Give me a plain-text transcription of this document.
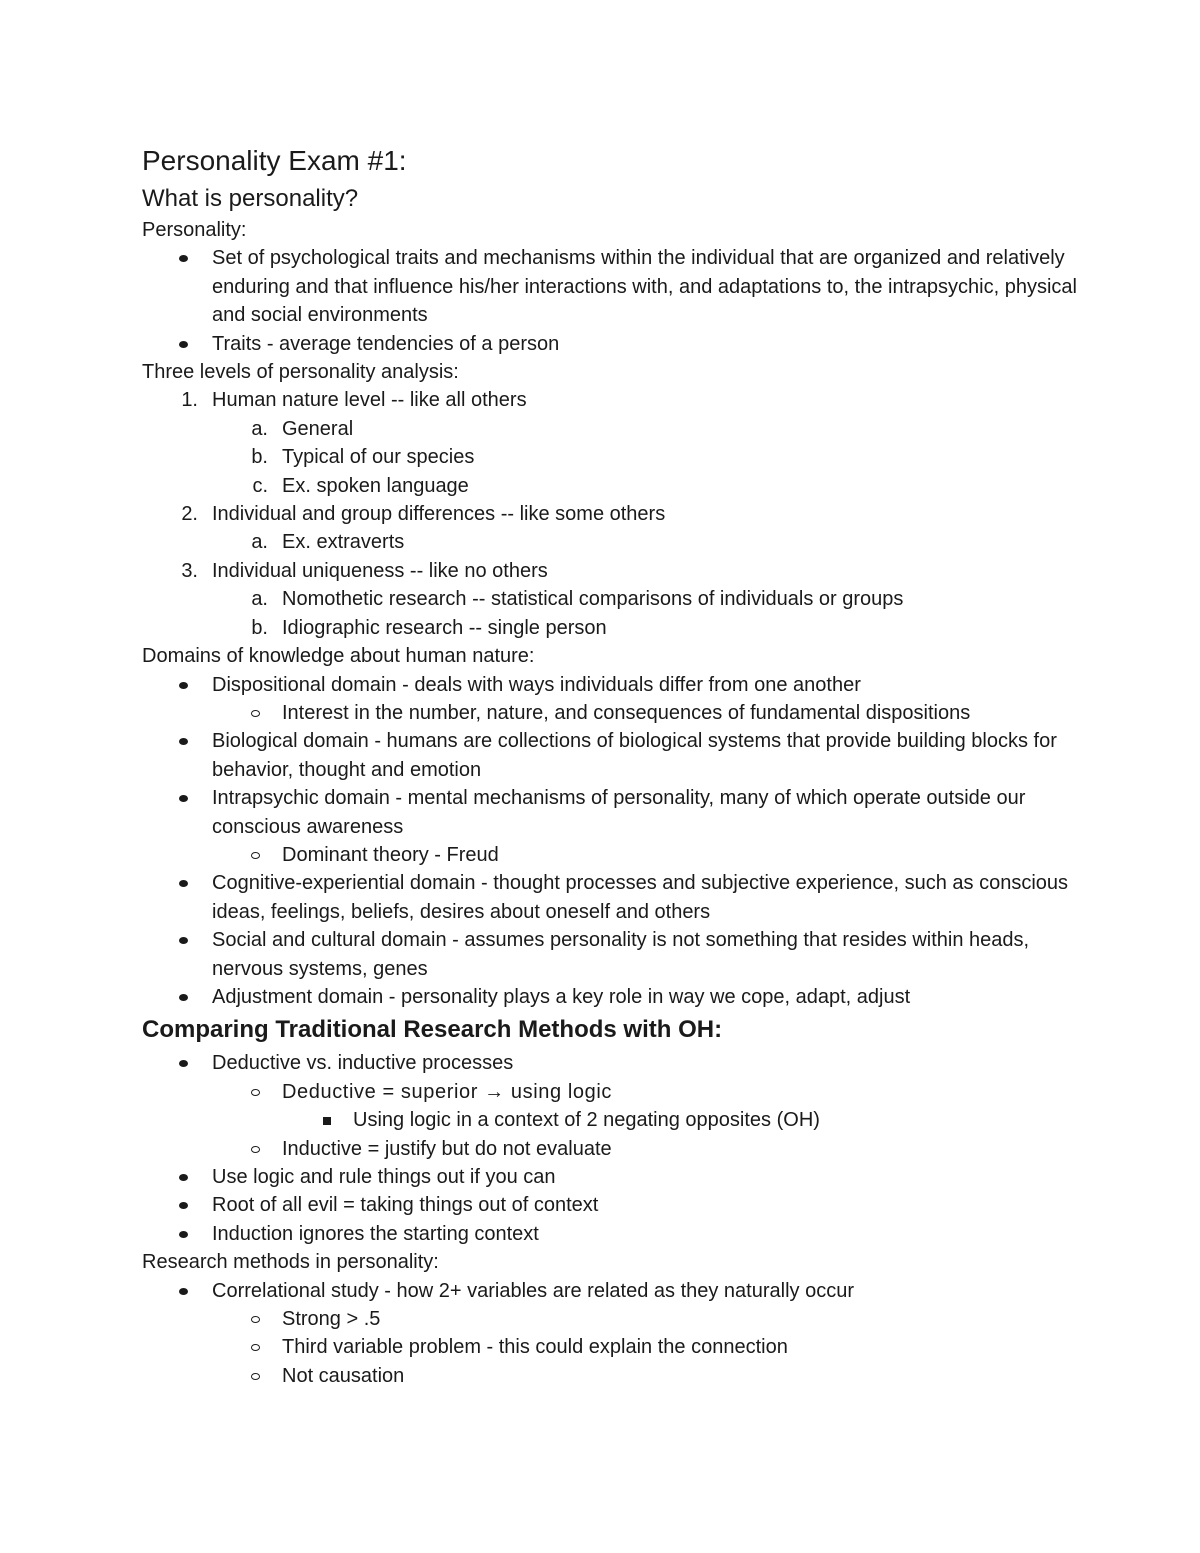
Personality Exam #1:
What is personality?

Personality:

Set of psychological traits and mechanisms within the individual that are organized and relatively enduring and that influence his/her interactions with, and adaptations to, the intrapsychic, physical and social environments
Traits - average tendencies of a person

Three levels of personality analysis:

1. Human nature level -- like all others
a. General
b. Typical of our species
c. Ex. spoken language
2. Individual and group differences -- like some others
a. Ex. extraverts
3. Individual uniqueness -- like no others
a. Nomothetic research -- statistical comparisons of individuals or groups
b. Idiographic research -- single person

Domains of knowledge about human nature:

Dispositional domain - deals with ways individuals differ from one another
Interest in the number, nature, and consequences of fundamental dispositions
Biological domain - humans are collections of biological systems that provide building blocks for behavior, thought and emotion
Intrapsychic domain - mental mechanisms of personality, many of which operate outside our conscious awareness
Dominant theory - Freud
Cognitive-experiential domain - thought processes and subjective experience, such as conscious ideas, feelings, beliefs, desires about oneself and others
Social and cultural domain - assumes personality is not something that resides within heads, nervous systems, genes
Adjustment domain - personality plays a key role in way we cope, adapt, adjust
Comparing Traditional Research Methods with OH:
Deductive vs. inductive processes
Deductive = superior → using logic
Using logic in a context of 2 negating opposites (OH)
Inductive = justify but do not evaluate
Use logic and rule things out if you can
Root of all evil = taking things out of context
Induction ignores the starting context

Research methods in personality:

Correlational study - how 2+ variables are related as they naturally occur
Strong > .5
Third variable problem - this could explain the connection
Not causation
